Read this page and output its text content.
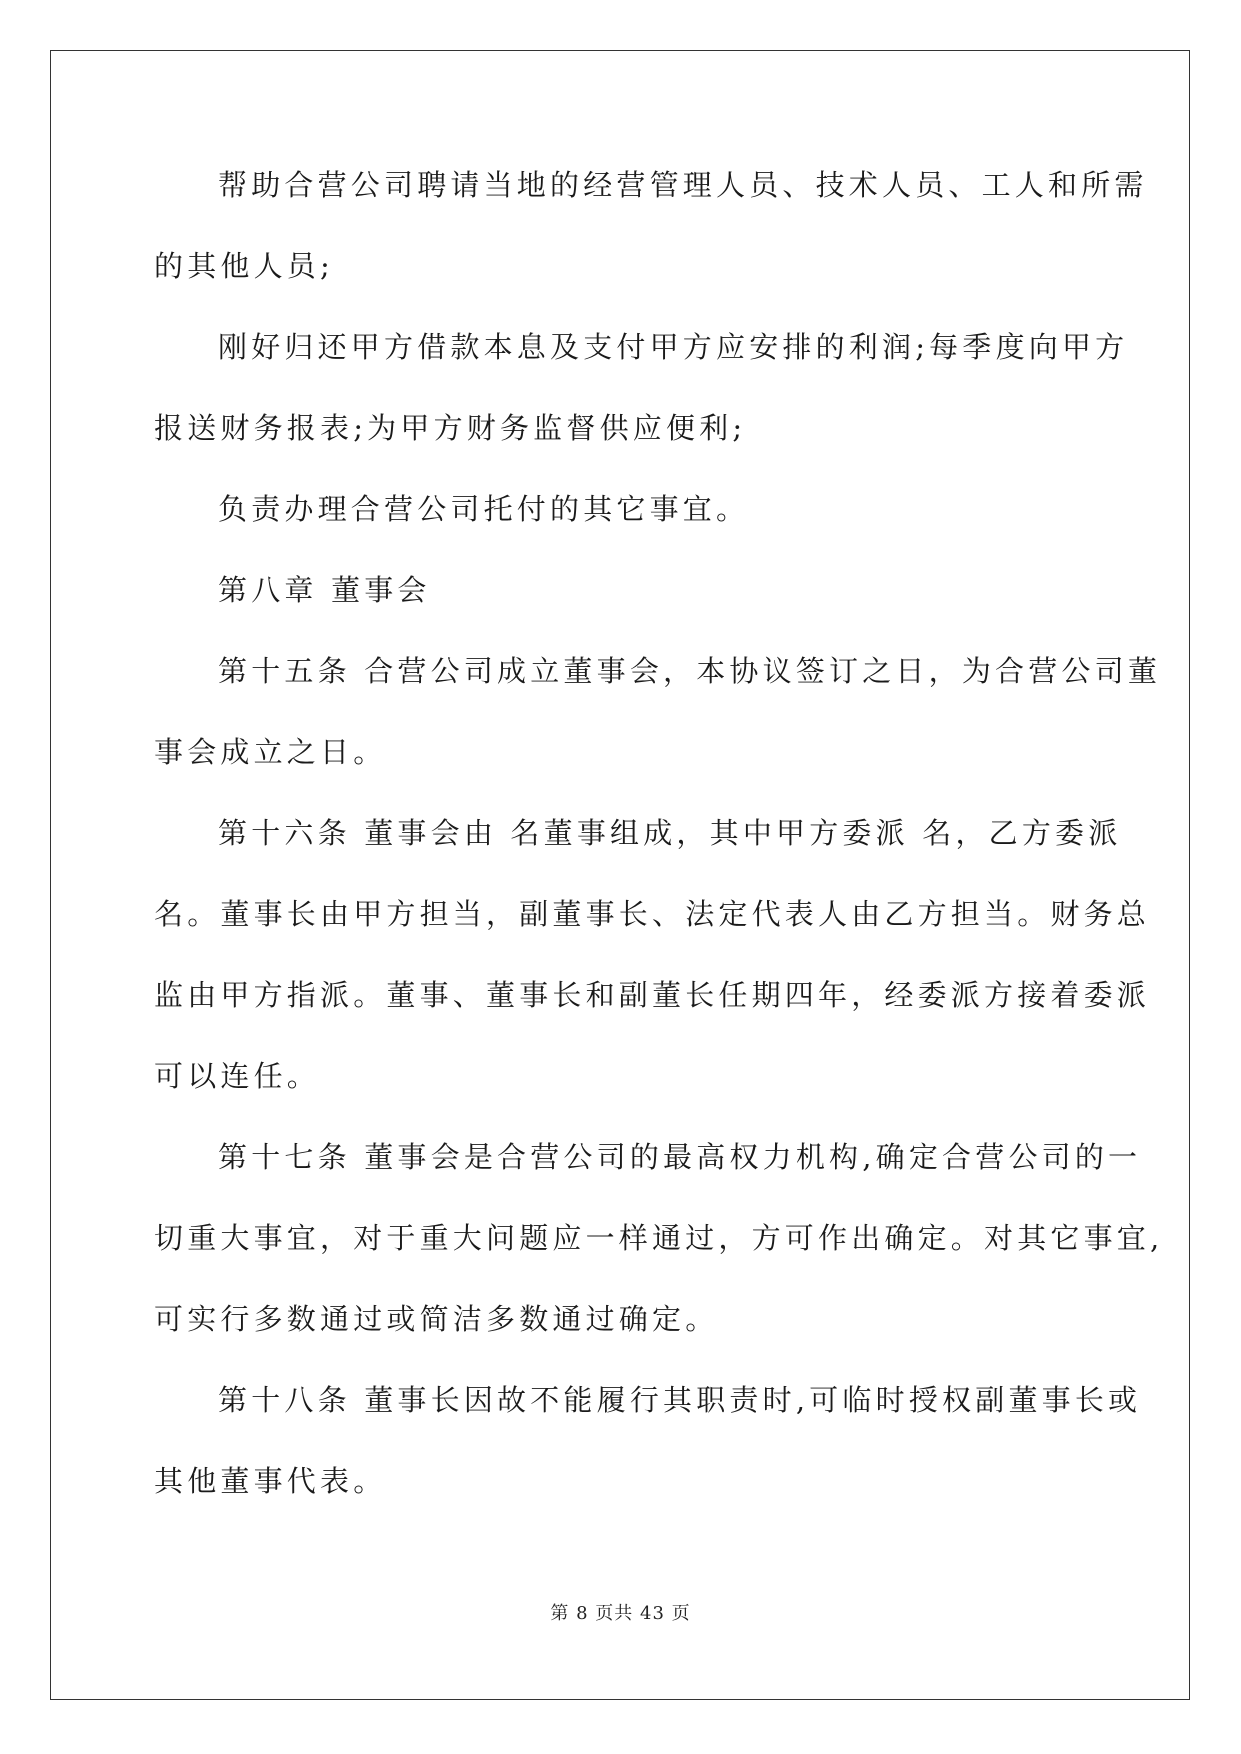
帮助合营公司聘请当地的经营管理人员、技术人员、工人和所需
的其他人员;
刚好归还甲方借款本息及支付甲方应安排的利润;每季度向甲方
报送财务报表;为甲方财务监督供应便利;
负责办理合营公司托付的其它事宜。
第八章 董事会
第十五条 合营公司成立董事会，本协议签订之日，为合营公司董
事会成立之日。
第十六条 董事会由 名董事组成，其中甲方委派 名，乙方委派
名。董事长由甲方担当，副董事长、法定代表人由乙方担当。财务总
监由甲方指派。董事、董事长和副董长任期四年，经委派方接着委派
可以连任。
第十七条 董事会是合营公司的最高权力机构,确定合营公司的一
切重大事宜，对于重大问题应一样通过，方可作出确定。对其它事宜,
可实行多数通过或简洁多数通过确定。
第十八条 董事长因故不能履行其职责时,可临时授权副董事长或
其他董事代表。
第 8 页共 43 页
